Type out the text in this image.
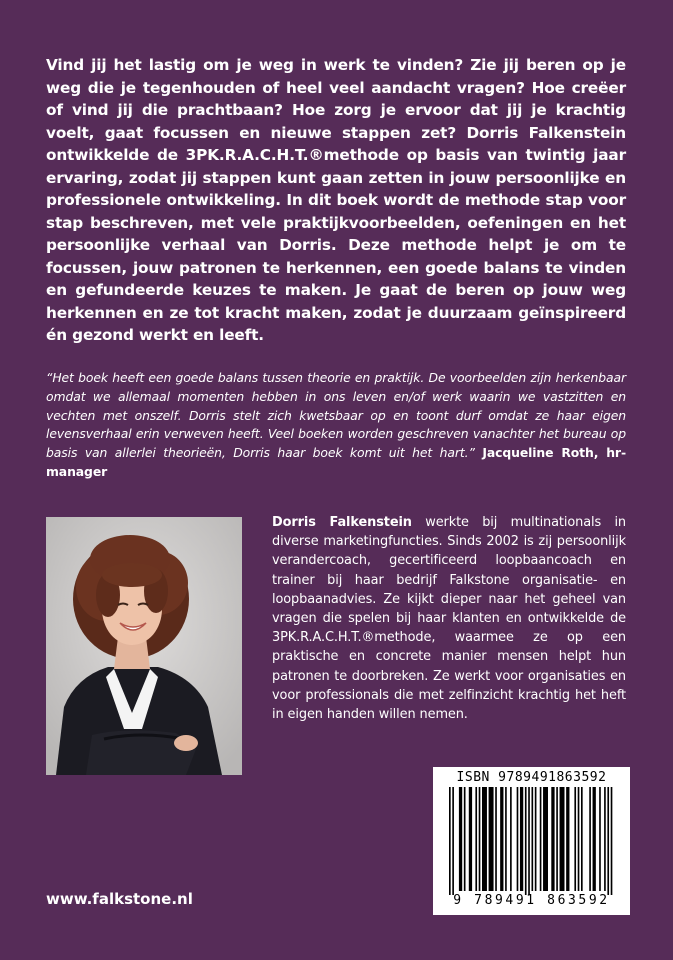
Vind jij het lastig om je weg in werk te vinden? Zie jij beren op je weg die je tegenhouden of heel veel aandacht vragen? Hoe creëer of vind jij die prachtbaan? Hoe zorg je ervoor dat jij je krachtig voelt, gaat focussen en nieuwe stappen zet? Dorris Falkenstein ontwikkelde de 3PK.R.A.C.H.T.®methode op basis van twintig jaar ervaring, zodat jij stappen kunt gaan zetten in jouw persoonlijke en professionele ontwikkeling. In dit boek wordt de methode stap voor stap beschreven, met vele praktijkvoorbeelden, oefeningen en het persoonlijke verhaal van Dorris. Deze methode helpt je om te focussen, jouw patronen te herkennen, een goede balans te vinden en gefundeerde keuzes te maken. Je gaat de beren op jouw weg herkennen en ze tot kracht maken, zodat je duurzaam geïnspireerd én gezond werkt en leeft.
“Het boek heeft een goede balans tussen theorie en praktijk. De voorbeelden zijn herkenbaar omdat we allemaal momenten hebben in ons leven en/of werk waarin we vastzitten en vechten met onszelf. Dorris stelt zich kwetsbaar op en toont durf omdat ze haar eigen levensverhaal erin verweven heeft. Veel boeken worden geschreven vanachter het bureau op basis van allerlei theorieën, Dorris haar boek komt uit het hart.” Jacqueline Roth, hr-manager
Dorris Falkenstein werkte bij multinationals in diverse marketingfuncties. Sinds 2002 is zij persoonlijk verandercoach, gecertificeerd loopbaancoach en trainer bij haar bedrijf Falkstone organisatie- en loopbaanadvies. Ze kijkt dieper naar het geheel van vragen die spelen bij haar klanten en ontwikkelde de 3PK.R.A.C.H.T.®methode, waarmee ze op een praktische en concrete manier mensen helpt hun patronen te doorbreken. Ze werkt voor organisaties en voor professionals die met zelfinzicht krachtig het heft in eigen handen willen nemen.
ISBN 9789491863592
9 789491 863592
www.falkstone.nl
